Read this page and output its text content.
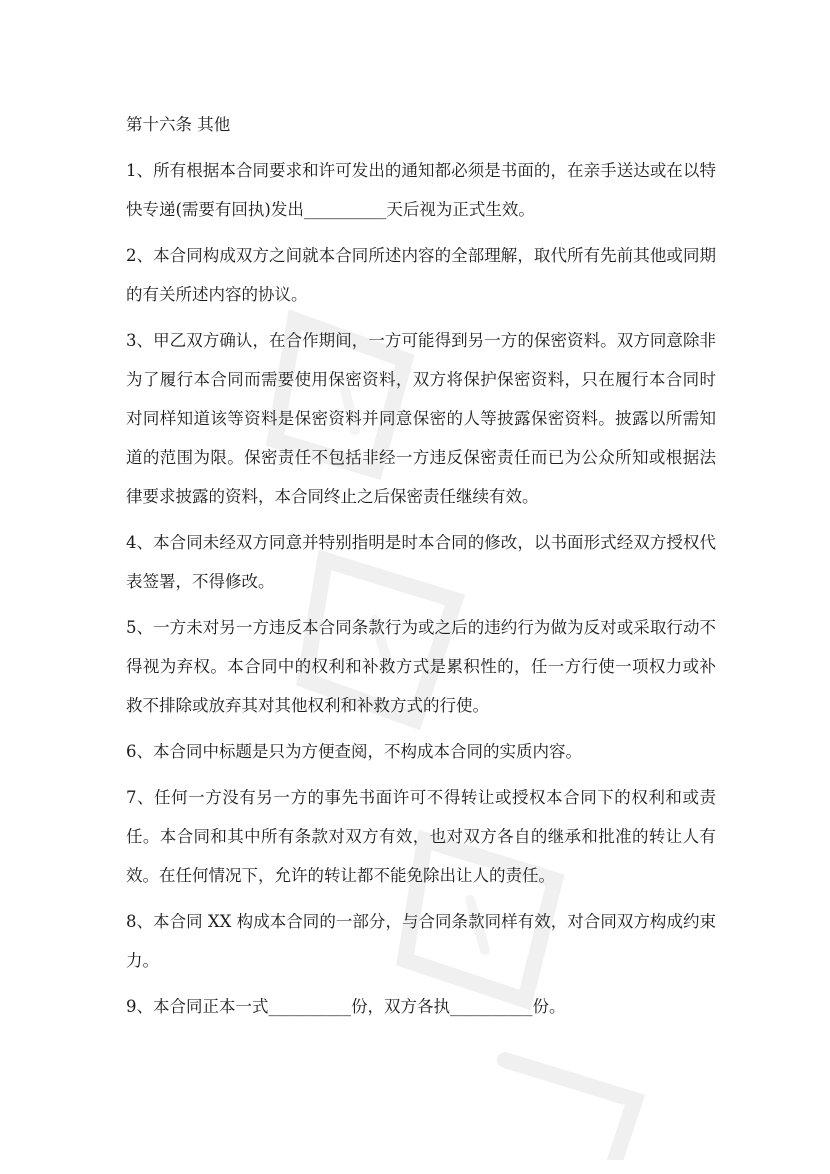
第十六条 其他
1、所有根据本合同要求和许可发出的通知都必须是书面的，在亲手送达或在以特快专递(需要有回执)发出__________天后视为正式生效。
2、本合同构成双方之间就本合同所述内容的全部理解，取代所有先前其他或同期的有关所述内容的协议。
3、甲乙双方确认，在合作期间，一方可能得到另一方的保密资料。双方同意除非为了履行本合同而需要使用保密资料，双方将保护保密资料，只在履行本合同时对同样知道该等资料是保密资料并同意保密的人等披露保密资料。披露以所需知道的范围为限。保密责任不包括非经一方违反保密责任而已为公众所知或根据法律要求披露的资料，本合同终止之后保密责任继续有效。
4、本合同未经双方同意并特别指明是时本合同的修改，以书面形式经双方授权代表签署，不得修改。
5、一方未对另一方违反本合同条款行为或之后的违约行为做为反对或采取行动不得视为弃权。本合同中的权利和补救方式是累积性的，任一方行使一项权力或补救不排除或放弃其对其他权利和补救方式的行使。
6、本合同中标题是只为方便查阅，不构成本合同的实质内容。
7、任何一方没有另一方的事先书面许可不得转让或授权本合同下的权利和或责任。本合同和其中所有条款对双方有效，也对双方各自的继承和批准的转让人有效。在任何情况下，允许的转让都不能免除出让人的责任。
8、本合同 XX 构成本合同的一部分，与合同条款同样有效，对合同双方构成约束力。
9、本合同正本一式__________份，双方各执__________份。
